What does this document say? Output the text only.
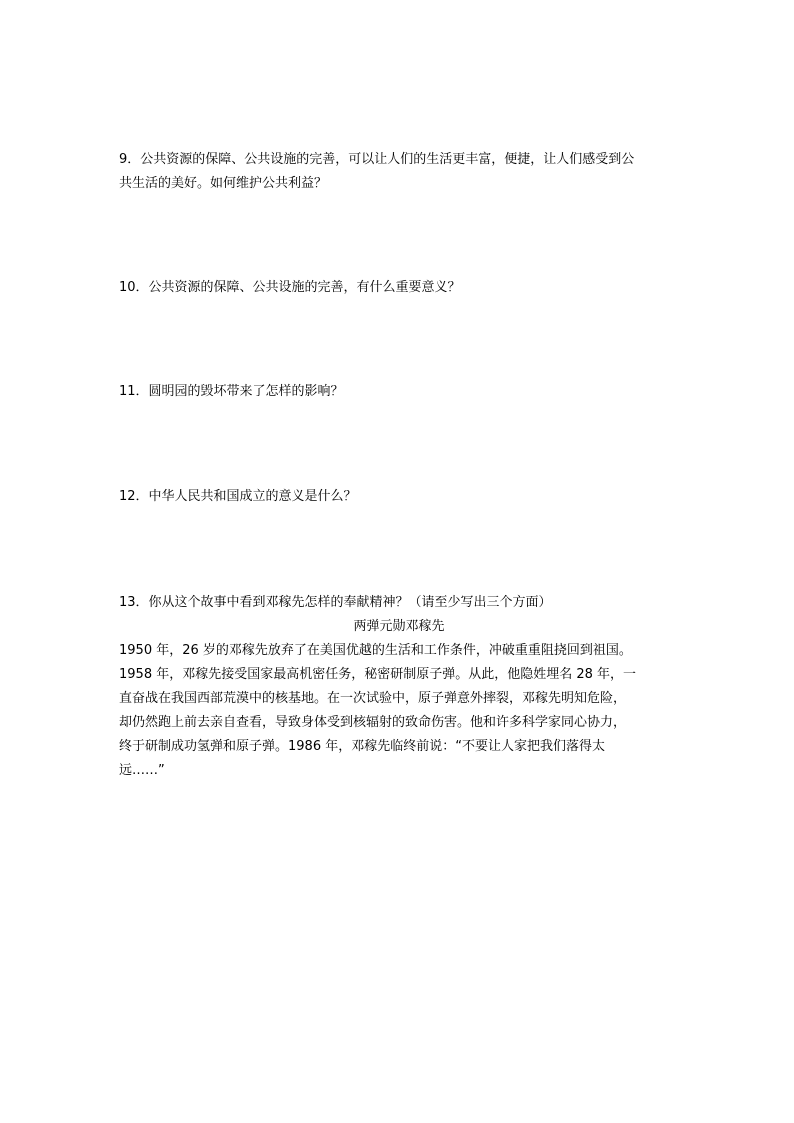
9．公共资源的保障、公共设施的完善，可以让人们的生活更丰富，便捷，让人们感受到公
共生活的美好。如何维护公共利益？

10．公共资源的保障、公共设施的完善，有什么重要意义？

11．圆明园的毁坏带来了怎样的影响？

12．中华人民共和国成立的意义是什么？

13．你从这个故事中看到邓稼先怎样的奉献精神？（请至少写出三个方面）

两弹元勋邓稼先

1950 年，26 岁的邓稼先放弃了在美国优越的生活和工作条件，冲破重重阻挠回到祖国。
1958 年，邓稼先接受国家最高机密任务，秘密研制原子弹。从此，他隐姓埋名 28 年，一
直奋战在我国西部荒漠中的核基地。在一次试验中，原子弹意外摔裂，邓稼先明知危险，
却仍然跑上前去亲自查看，导致身体受到核辐射的致命伤害。他和许多科学家同心协力，
终于研制成功氢弹和原子弹。1986 年，邓稼先临终前说：“不要让人家把我们落得太
远……”
